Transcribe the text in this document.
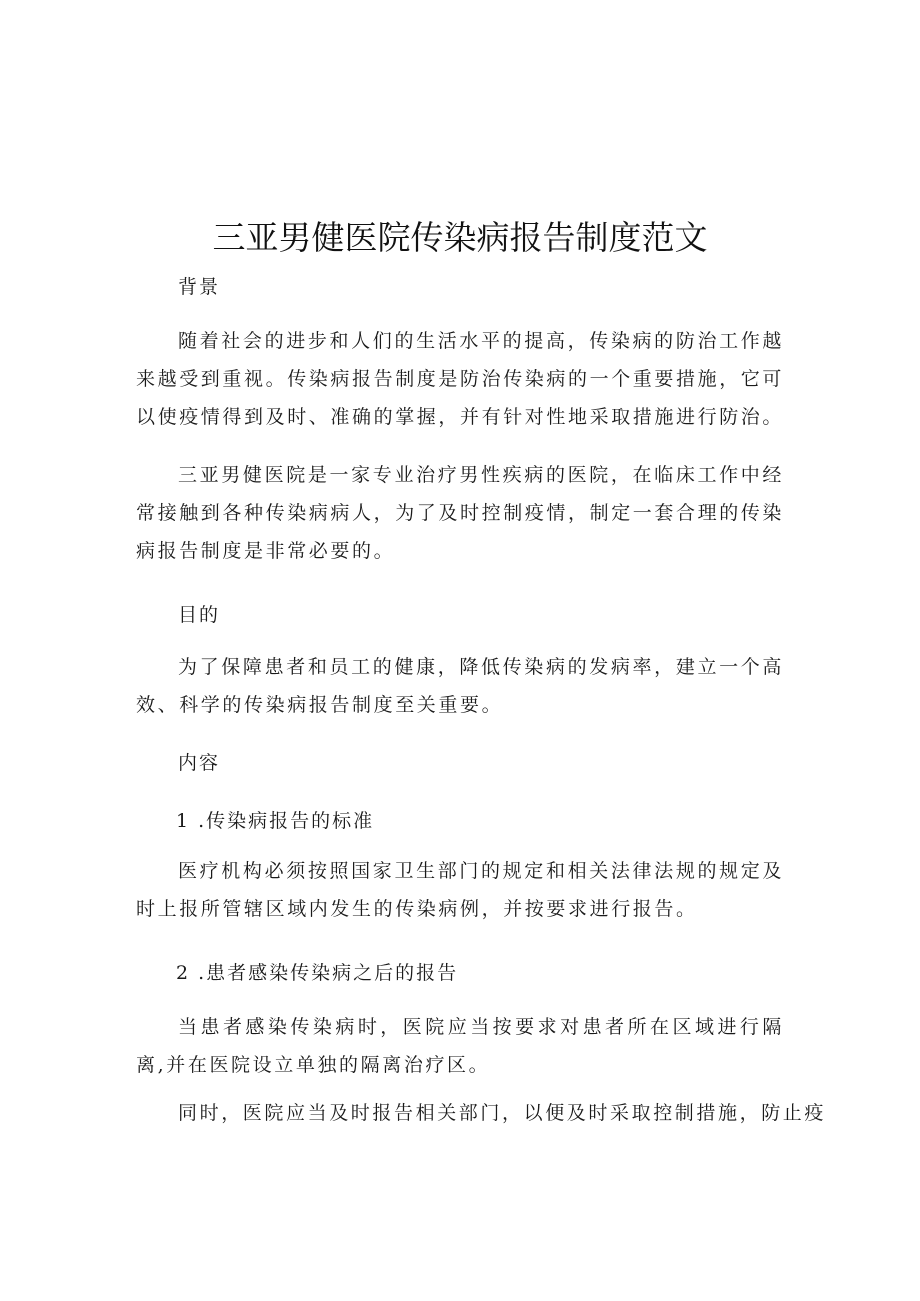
三亚男健医院传染病报告制度范文

背景

随着社会的进步和人们的生活水平的提高，传染病的防治工作越来越受到重视。传染病报告制度是防治传染病的一个重要措施，它可以使疫情得到及时、准确的掌握，并有针对性地采取措施进行防治。

三亚男健医院是一家专业治疗男性疾病的医院，在临床工作中经常接触到各种传染病病人，为了及时控制疫情，制定一套合理的传染病报告制度是非常必要的。

目的

为了保障患者和员工的健康，降低传染病的发病率，建立一个高效、科学的传染病报告制度至关重要。

内容

1 .传染病报告的标准

医疗机构必须按照国家卫生部门的规定和相关法律法规的规定及时上报所管辖区域内发生的传染病例，并按要求进行报告。

2 .患者感染传染病之后的报告

当患者感染传染病时，医院应当按要求对患者所在区域进行隔离,并在医院设立单独的隔离治疗区。

同时，医院应当及时报告相关部门，以便及时采取控制措施，防止疫
